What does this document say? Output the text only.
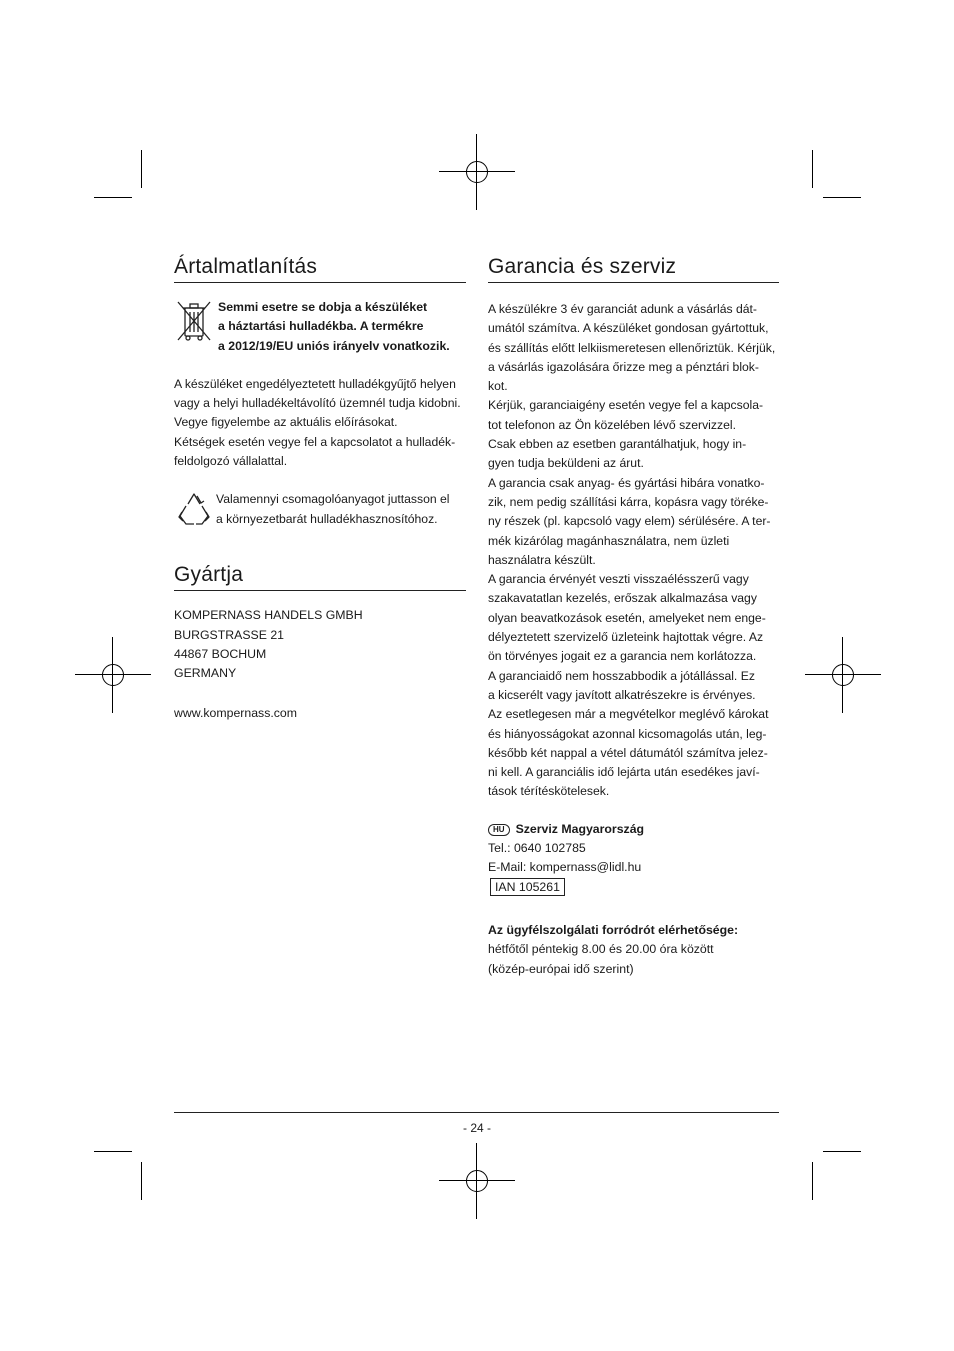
Ártalmatlanítás

Semmi esetre se dobja a készüléket

a háztartási hulladékba. A termékre

a 2012/19/EU uniós irányelv vonatkozik.

A készüléket engedélyeztetett hulladékgyűjtő helyen

vagy a helyi hulladékeltávolító üzemnél tudja kidobni.

Vegye figyelembe az aktuális előírásokat.

Kétségek esetén vegye fel a kapcsolatot a hulladék-

feldolgozó vállalattal.

Valamennyi csomagolóanyagot juttasson el

a környezetbarát hulladékhasznosítóhoz.

Gyártja

KOMPERNASS HANDELS GMBH

BURGSTRASSE 21

44867 BOCHUM

GERMANY

www.kompernass.com

Garancia és szerviz

A készülékre 3 év garanciát adunk a vásárlás dát-

umától számítva. A készüléket gondosan gyártottuk,

és szállítás előtt lelkiismeretesen ellenőriztük. Kérjük,

a vásárlás igazolására őrizze meg a pénztári blok-

kot.

Kérjük, garanciaigény esetén vegye fel a kapcsola-

tot telefonon az Ön közelében lévő szervizzel.

Csak ebben az esetben garantálhatjuk, hogy in-

gyen tudja beküldeni az árut.

A garancia csak anyag- és gyártási hibára vonatko-

zik, nem pedig szállítási kárra, kopásra vagy töréke-

ny részek (pl. kapcsoló vagy elem) sérülésére. A ter-

mék kizárólag magánhasználatra, nem üzleti

használatra készült.

A garancia érvényét veszti visszaélésszerű vagy

szakavatatlan kezelés, erőszak alkalmazása vagy

olyan beavatkozások esetén, amelyeket nem enge-

délyeztetett szervizelő üzleteink hajtottak végre. Az

ön törvényes jogait ez a garancia nem korlátozza.

A garanciaidő nem hosszabbodik a jótállással. Ez

a kicserélt vagy javított alkatrészekre is érvényes.

Az esetlegesen már a megvételkor meglévő károkat

és hiányosságokat azonnal kicsomagolás után, leg-

később két nappal a vétel dátumától számítva jelez-

ni kell. A garanciális idő lejárta után esedékes javí-

tások térítéskötelesek.

HU Szerviz Magyarország

Tel.: 0640 102785

E-Mail: kompernass@lidl.hu

IAN 105261

Az ügyfélszolgálati forródrót elérhetősége:

hétfőtől péntekig 8.00 és 20.00 óra között

(közép-európai idő szerint)

- 24 -
